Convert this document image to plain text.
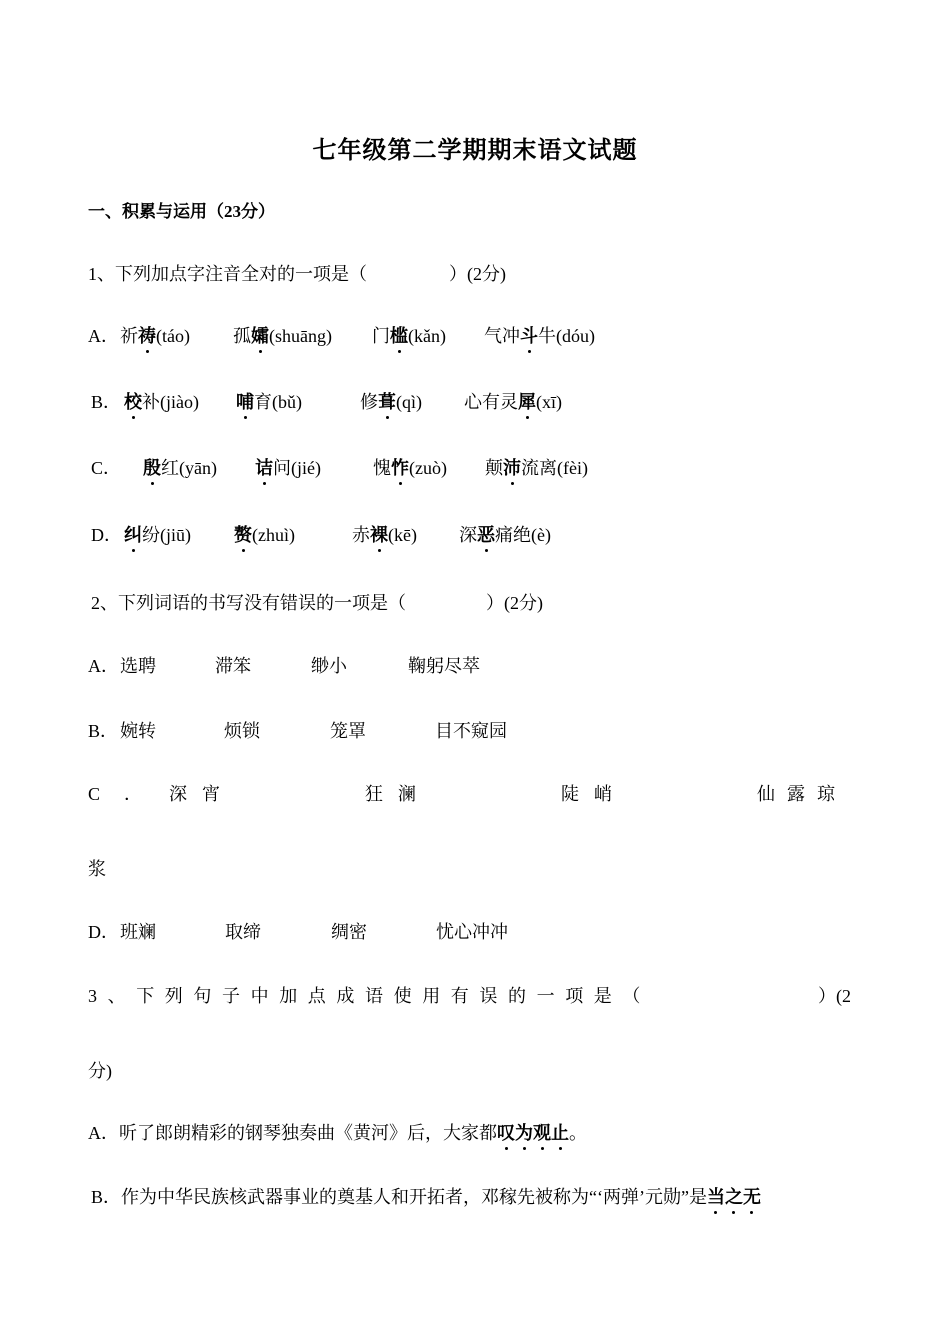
七年级第二学期期末语文试题
一、积累与运用（23分）
1、下列加点字注音全对的一项是（	）(2分)
A． 祈祷(táo) 孤孀(shuāng) 门槛(kǎn) 气冲斗牛(dóu)
B． 校补(jiào) 哺育(bǔ)	修葺(qì) 心有灵犀(xī)
C． 殷红(yān) 诘问(jié)	愧怍(zuò) 颠沛流离(fèi)
D． 纠纷(jiū) 赘(zhuì)	赤裸(kē) 深恶痛绝(è)
2、下列词语的书写没有错误的一项是（	）(2分)
A． 选聘	滞笨	缈小	鞠躬尽萃
B． 婉转	烦锁	笼罩	目不窥园
C ． 深宵	狂澜	陡峭	仙露琼
浆
D． 班斓	取缔	绸密	忧心冲冲
3、下列句子中加点成语使用有误的一项是（	）(2
分)
A．听了郎朗精彩的钢琴独奏曲《黄河》后，大家都叹为观止。
B．作为中华民族核武器事业的奠基人和开拓者，邓稼先被称为“‘两弹’元勋”是当之无
